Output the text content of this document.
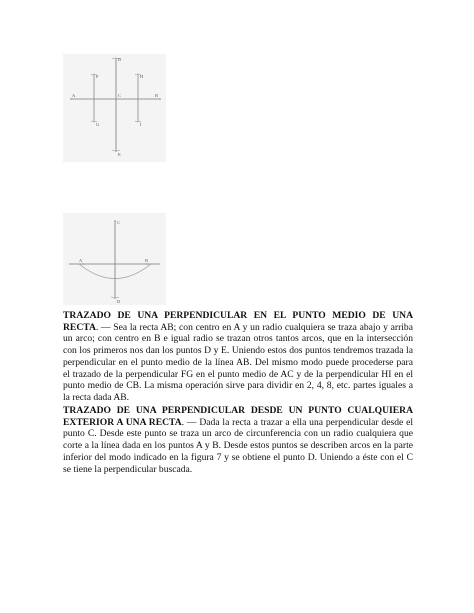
D
F	H
A	C	B
G	I
E
C
A	B
D

TRAZADO DE UNA PERPENDICULAR EN EL PUNTO MEDIO DE UNA RECTA. — Sea la recta AB; con centro en A y un radio cualquiera se traza abajo y arriba un arco; con centro en B e igual radio se trazan otros tantos arcos, que en la intersección con los primeros nos dan los puntos D y E. Uniendo estos dos puntos tendremos trazada la perpendicular en el punto medio de la línea AB. Del mismo modo puede procederse para el trazado de la perpendicular FG en el punto medio de AC y de la perpendicular HI en el punto medio de CB. La misma operación sirve para dividir en 2, 4, 8, etc. partes iguales a la recta dada AB.

TRAZADO DE UNA PERPENDICULAR DESDE UN PUNTO CUALQUIERA EXTERIOR A UNA RECTA. — Dada la recta a trazar a ella una perpendicular desde el punto C. Desde este punto se traza un arco de circunferencia con un radio cualquiera que corte a la línea dada en los puntos A y B. Desde estos puntos se describen arcos en la parte inferior del modo indicado en la figura 7 y se obtiene el punto D. Uniendo a éste con el C se tiene la perpendicular buscada.
